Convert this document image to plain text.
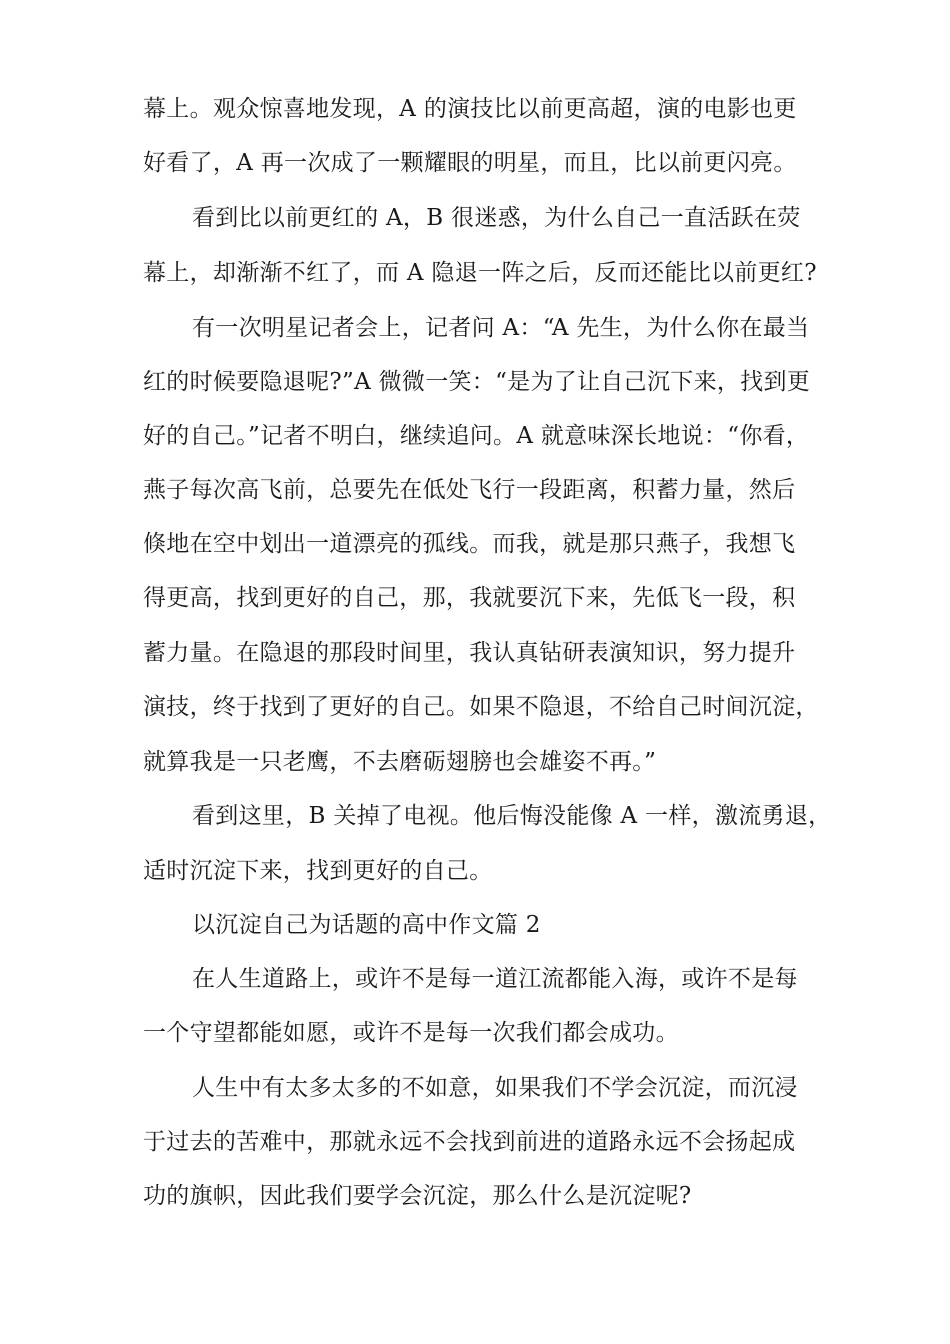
幕上。观众惊喜地发现，A 的演技比以前更高超，演的电影也更
好看了，A 再一次成了一颗耀眼的明星，而且，比以前更闪亮。
看到比以前更红的 A，B 很迷惑，为什么自己一直活跃在荧
幕上，却渐渐不红了，而 A 隐退一阵之后，反而还能比以前更红?
有一次明星记者会上，记者问 A：“A 先生，为什么你在最当
红的时候要隐退呢?”A 微微一笑：“是为了让自己沉下来，找到更
好的自己。”记者不明白，继续追问。A 就意味深长地说：“你看，
燕子每次高飞前，总要先在低处飞行一段距离，积蓄力量，然后
倏地在空中划出一道漂亮的孤线。而我，就是那只燕子，我想飞
得更高，找到更好的自己，那，我就要沉下来，先低飞一段，积
蓄力量。在隐退的那段时间里，我认真钻研表演知识，努力提升
演技，终于找到了更好的自己。如果不隐退，不给自己时间沉淀，
就算我是一只老鹰，不去磨砺翅膀也会雄姿不再。”
看到这里，B 关掉了电视。他后悔没能像 A 一样，激流勇退，
适时沉淀下来，找到更好的自己。
以沉淀自己为话题的高中作文篇 2
在人生道路上，或许不是每一道江流都能入海，或许不是每
一个守望都能如愿，或许不是每一次我们都会成功。
人生中有太多太多的不如意，如果我们不学会沉淀，而沉浸
于过去的苦难中，那就永远不会找到前进的道路永远不会扬起成
功的旗帜，因此我们要学会沉淀，那么什么是沉淀呢?
